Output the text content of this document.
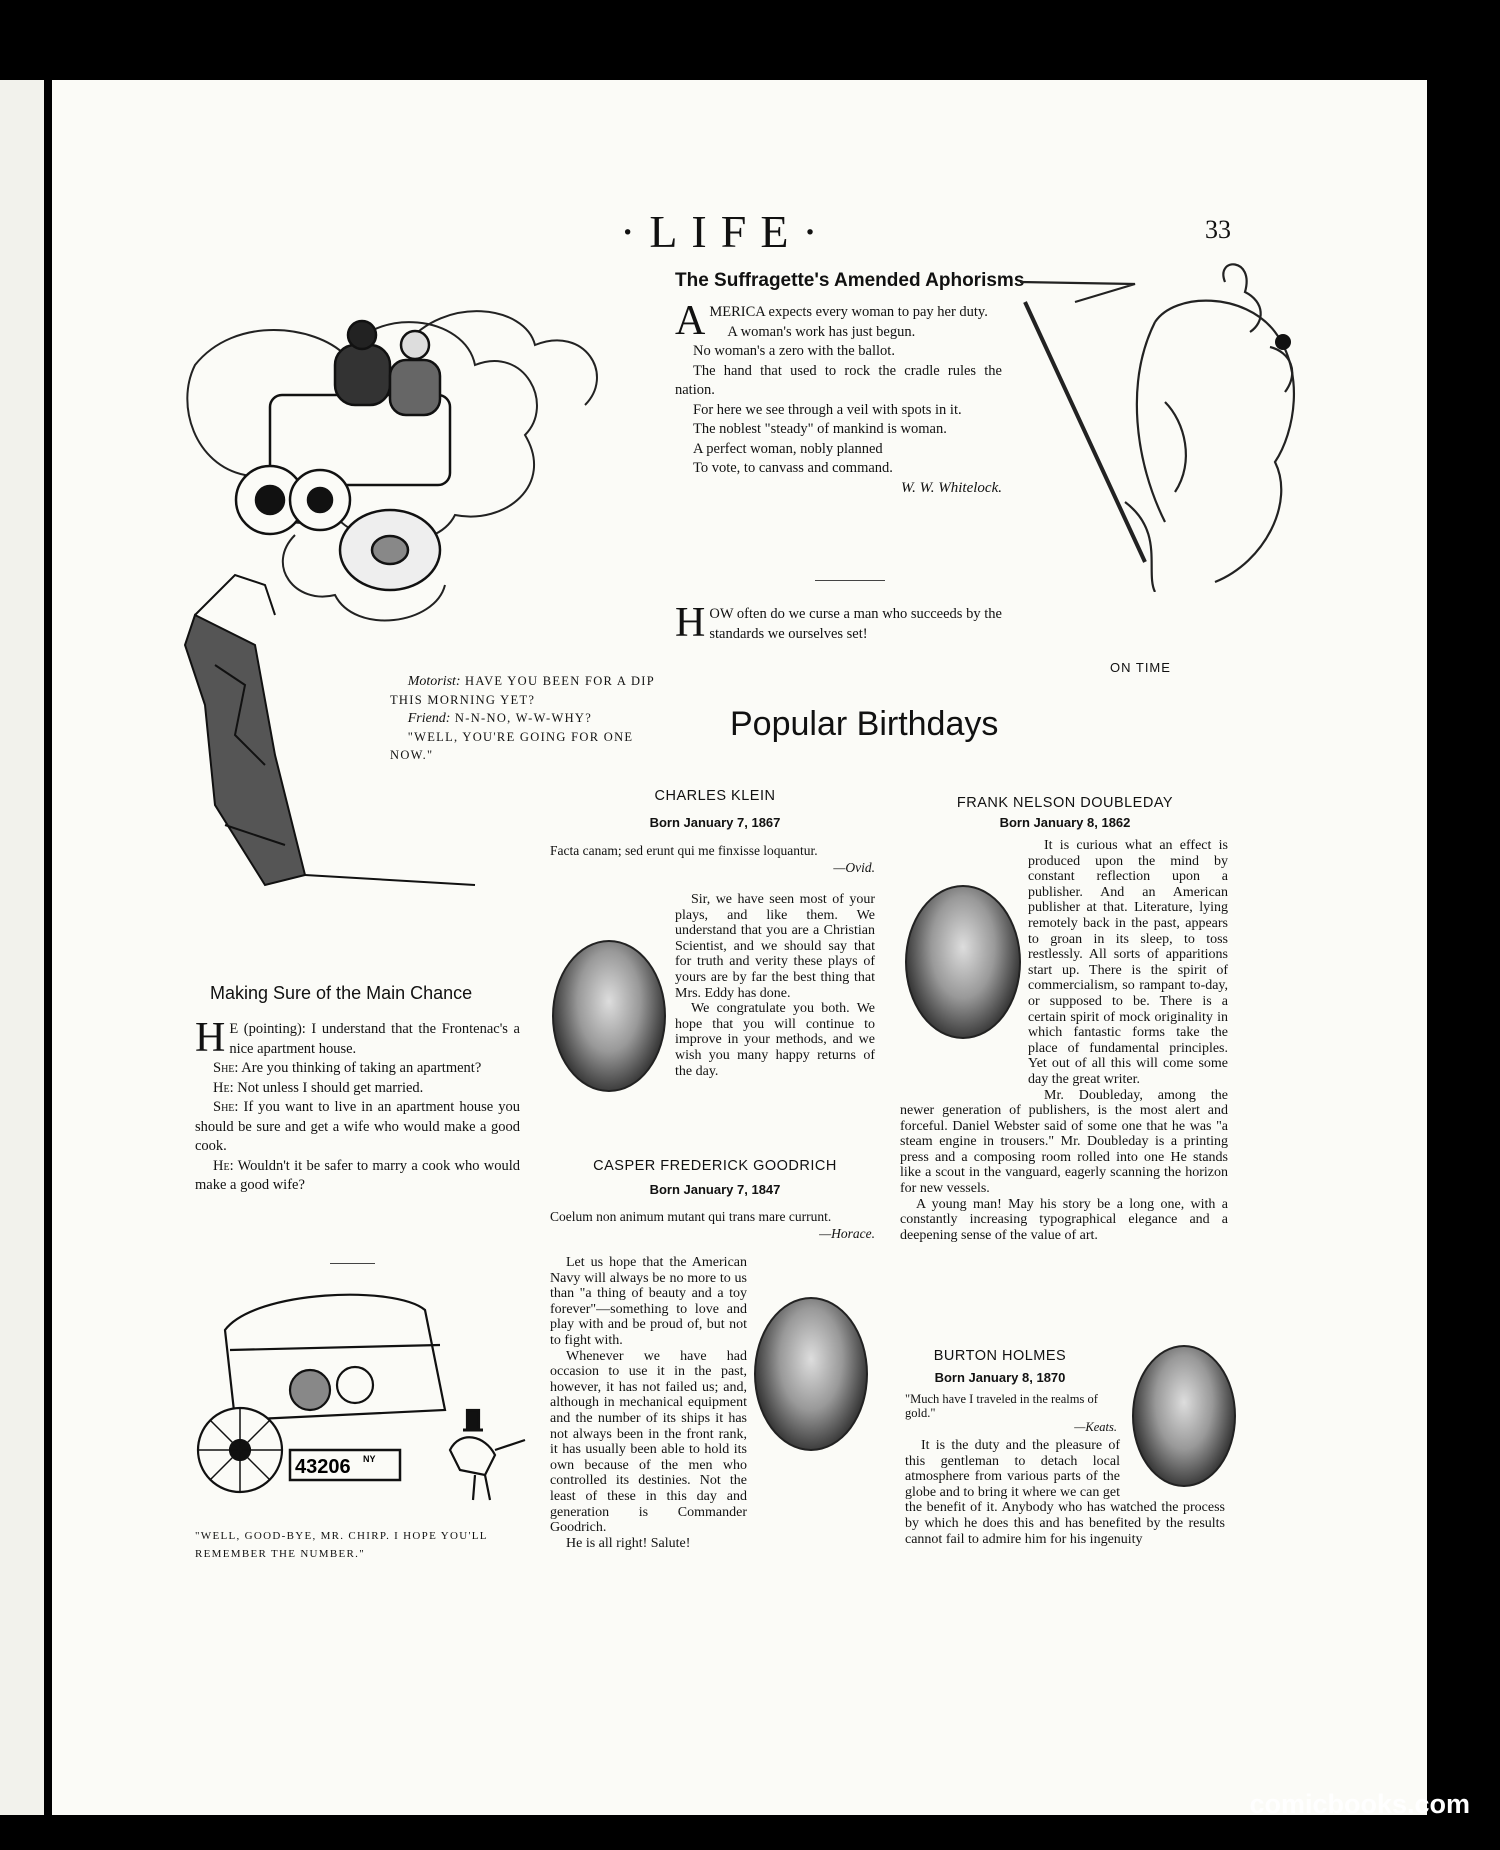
·LIFE·	33
The Suffragette's Amended Aphorisms
A MERICA expects every woman to pay her duty.

A woman's work has just begun.

No woman's a zero with the ballot.

The hand that used to rock the cradle rules the nation.

For here we see through a veil with spots in it.

The noblest "steady" of mankind is woman.

A perfect woman, nobly planned

To vote, to canvass and command.

W. W. Whitelock.
H OW often do we curse a man who succeeds by the standards we ourselves set!

ON TIME
Motorist: HAVE YOU BEEN FOR A DIP THIS MORNING YET?
Friend: N-N-NO, W-W-WHY?
"WELL, YOU'RE GOING FOR ONE NOW."
Popular Birthdays
CHARLES KLEIN
Born January 7, 1867
Facta canam; sed erunt qui me finxisse loquantur.
—Ovid.

Sir, we have seen most of your plays, and like them. We understand that you are a Christian Scientist, and we should say that for truth and verity these plays of yours are by far the best thing that Mrs. Eddy has done.

We congratulate you both. We hope that you will continue to improve in your methods, and we wish you many happy returns of the day.

CASPER FREDERICK GOODRICH
Born January 7, 1847
Coelum non animum mutant qui trans mare currunt.
—Horace.

Let us hope that the American Navy will always be no more to us than "a thing of beauty and a toy forever"—something to love and play with and be proud of, but not to fight with.

Whenever we have had occasion to use it in the past, however, it has not failed us; and, although in mechanical equipment and the number of its ships it has not always been in the front rank, it has usually been able to hold its own because of the men who controlled its destinies. Not the least of these in this day and generation is Commander Goodrich.

He is all right! Salute!

FRANK NELSON DOUBLEDAY
Born January 8, 1862

It is curious what an effect is produced upon the mind by constant reflection upon a publisher. And an American publisher at that. Literature, lying remotely back in the past, appears to groan in its sleep, to toss restlessly. All sorts of apparitions start up. There is the spirit of commercialism, so rampant to-day, or supposed to be. There is a certain spirit of mock originality in which fantastic forms take the place of fundamental principles. Yet out of all this will come some day the great writer.

Mr. Doubleday, among the newer generation of publishers, is the most alert and forceful. Daniel Webster said of some one that he was "a steam engine in trousers." Mr. Doubleday is a printing press and a composing room rolled into one He stands like a scout in the vanguard, eagerly scanning the horizon for new vessels.

A young man! May his story be a long one, with a constantly increasing typographical elegance and a deepening sense of the value of art.

BURTON HOLMES
Born January 8, 1870
"Much have I traveled in the realms of gold."
—Keats.

It is the duty and the pleasure of this gentleman to detach local atmosphere from various parts of the globe and to bring it where we can get the benefit of it. Anybody who has watched the process by which he does this and has benefited by the results cannot fail to admire him for his ingenuity

Making Sure of the Main Chance
H E (pointing): I understand that the Frontenac's a nice apartment house.

She: Are you thinking of taking an apartment?

He: Not unless I should get married.

She: If you want to live in an apartment house you should be sure and get a wife who would make a good cook.

He: Wouldn't it be safer to marry a cook who would make a good wife?

43206 NY
"WELL, GOOD-BYE, MR. CHIRP. I HOPE YOU'LL REMEMBER THE NUMBER."
comicbooks.com
